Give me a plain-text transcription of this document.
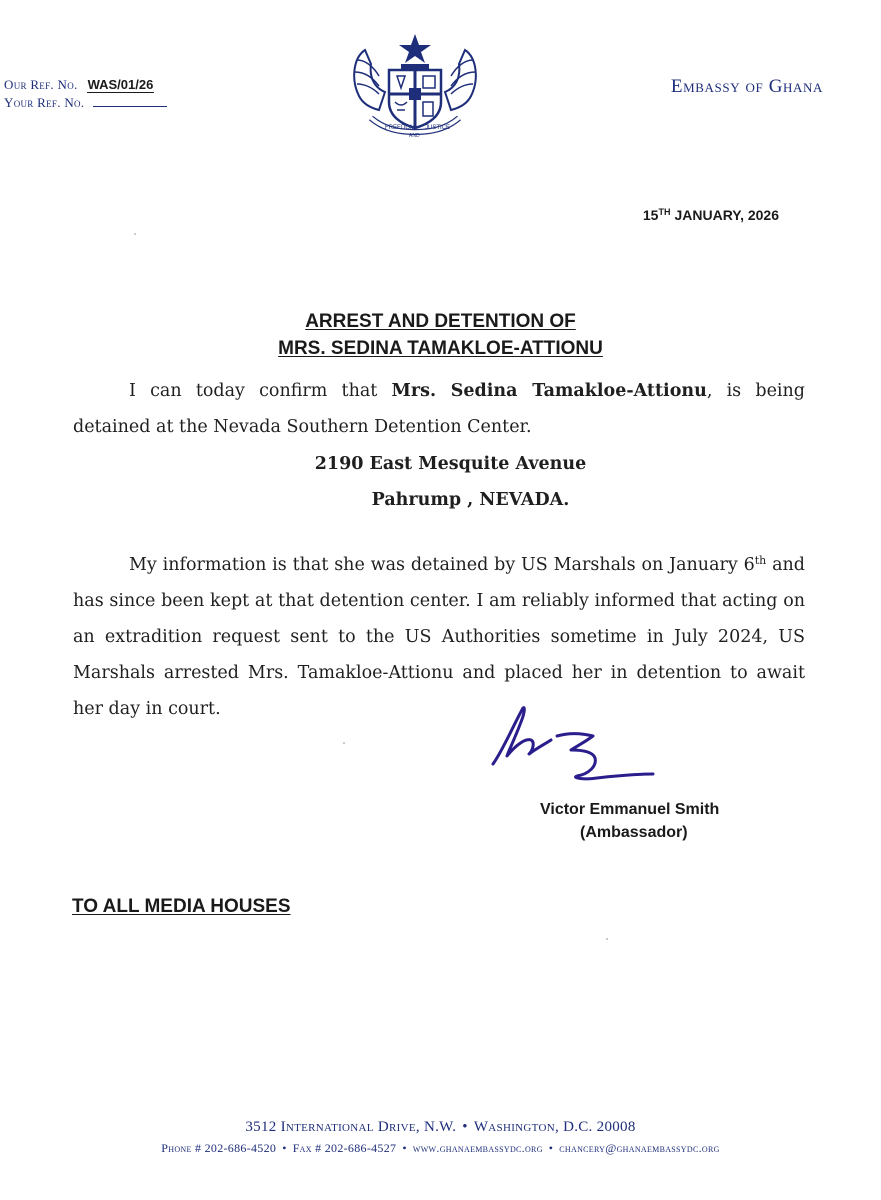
Our Ref. No. WAS/01/26
Your Ref. No.
FREEDOM JUSTICE
AND
Embassy of Ghana
15TH JANUARY, 2026
ARREST AND DETENTION OF
MRS. SEDINA TAMAKLOE-ATTIONU
I can today confirm that Mrs. Sedina Tamakloe-Attionu, is being detained at the Nevada Southern Detention Center.
2190 East Mesquite Avenue
Pahrump , NEVADA.
My information is that she was detained by US Marshals on January 6th and has since been kept at that detention center. I am reliably informed that acting on an extradition request sent to the US Authorities sometime in July 2024, US Marshals arrested Mrs. Tamakloe-Attionu and placed her in detention to await her day in court.
Victor Emmanuel Smith
(Ambassador)
TO ALL MEDIA HOUSES
3512 International Drive, N.W. • Washington, D.C. 20008
Phone # 202-686-4520 • Fax # 202-686-4527 • www.ghanaembassydc.org • chancery@ghanaembassydc.org
